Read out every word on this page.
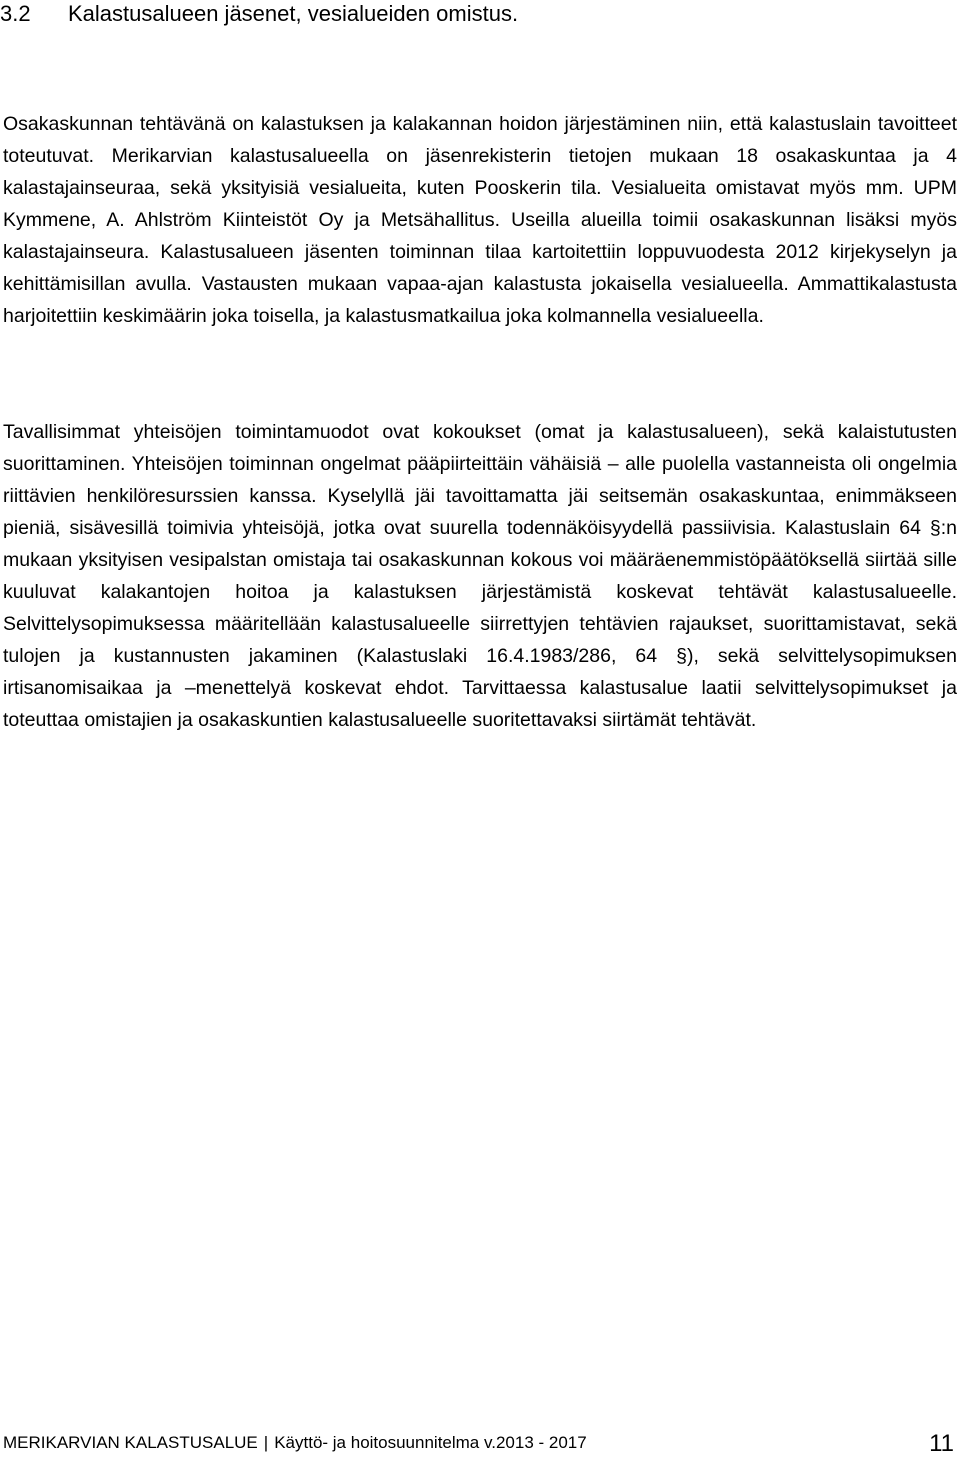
3.2 Kalastusalueen jäsenet, vesialueiden omistus.

Osakaskunnan tehtävänä on kalastuksen ja kalakannan hoidon järjestäminen niin, että kalastuslain tavoitteet toteutuvat. Merikarvian kalastusalueella on jäsenrekisterin tietojen mukaan 18 osakaskuntaa ja 4 kalastajainseuraa, sekä yksityisiä vesialueita, kuten Pooskerin tila. Vesialueita omistavat myös mm. UPM Kymmene, A. Ahlström Kiinteistöt Oy ja Metsähallitus. Useilla alueilla toimii osakaskunnan lisäksi myös kalastajainseura. Kalastusalueen jäsenten toiminnan tilaa kartoitettiin loppuvuodesta 2012 kirjekyselyn ja kehittämisillan avulla. Vastausten mukaan vapaa-ajan kalastusta jokaisella vesialueella. Ammattikalastusta harjoitettiin keskimäärin joka toisella, ja kalastusmatkailua joka kolmannella vesialueella.

Tavallisimmat yhteisöjen toimintamuodot ovat kokoukset (omat ja kalastusalueen), sekä kalaistutusten suorittaminen. Yhteisöjen toiminnan ongelmat pääpiirteittäin vähäisiä – alle puolella vastanneista oli ongelmia riittävien henkilöresurssien kanssa. Kyselyllä jäi tavoittamatta jäi seitsemän osakaskuntaa, enimmäkseen pieniä, sisävesillä toimivia yhteisöjä, jotka ovat suurella todennäköisyydellä passiivisia. Kalastuslain 64 §:n mukaan yksityisen vesipalstan omistaja tai osakaskunnan kokous voi määräenemmistöpäätöksellä siirtää sille kuuluvat kalakantojen hoitoa ja kalastuksen järjestämistä koskevat tehtävät kalastusalueelle. Selvittelysopimuksessa määritellään kalastusalueelle siirrettyjen tehtävien rajaukset, suorittamistavat, sekä tulojen ja kustannusten jakaminen (Kalastuslaki 16.4.1983/286, 64 §), sekä selvittelysopimuksen irtisanomisaikaa ja –menettelyä koskevat ehdot. Tarvittaessa kalastusalue laatii selvittelysopimukset ja toteuttaa omistajien ja osakaskuntien kalastusalueelle suoritettavaksi siirtämät tehtävät.

MERIKARVIAN KALASTUSALUE | Käyttö- ja hoitosuunnitelma v.2013 - 2017	11
